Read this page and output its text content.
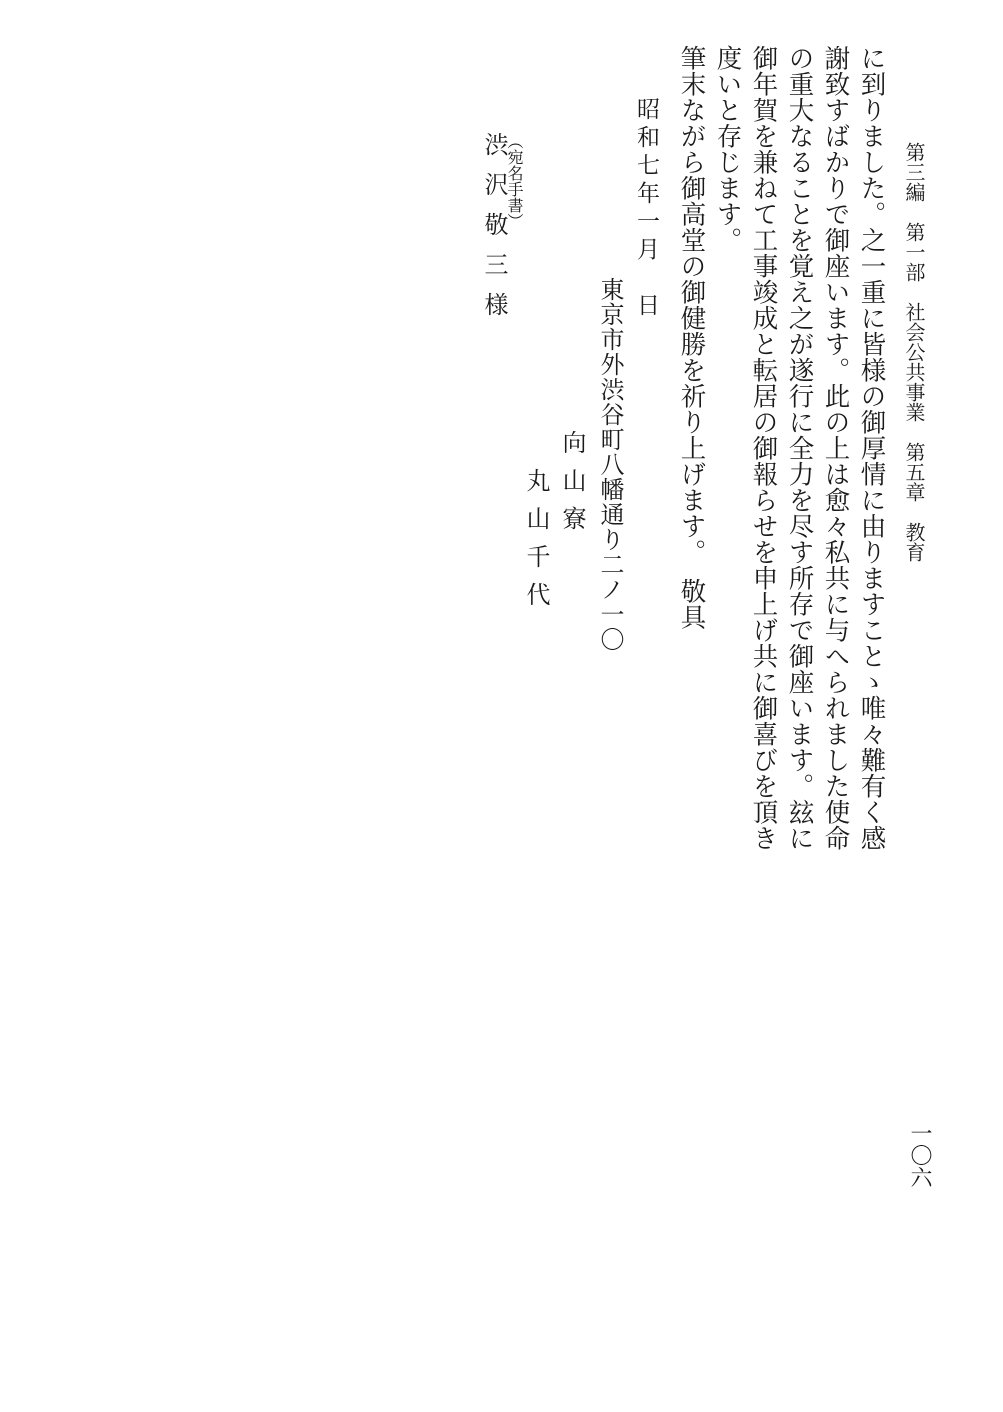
第三編　第一部　社会公共事業　第五章　教育
一〇六
に到りました。之一重に皆様の御厚情に由りますことゝ唯々難有く感
謝致すばかりで御座います。此の上は愈々私共に与へられました使命
の重大なることを覚え之が遂行に全力を尽す所存で御座います。玆に
御年賀を兼ねて工事竣成と転居の御報らせを申上げ共に御喜びを頂き
度いと存じます。
筆末ながら御高堂の御健勝を祈り上げます。　敬具
昭和七年一月　日
東京市外渋谷町八幡通り二ノ一〇
向山寮
丸山千代
（宛名手書）
渋沢敬三様
